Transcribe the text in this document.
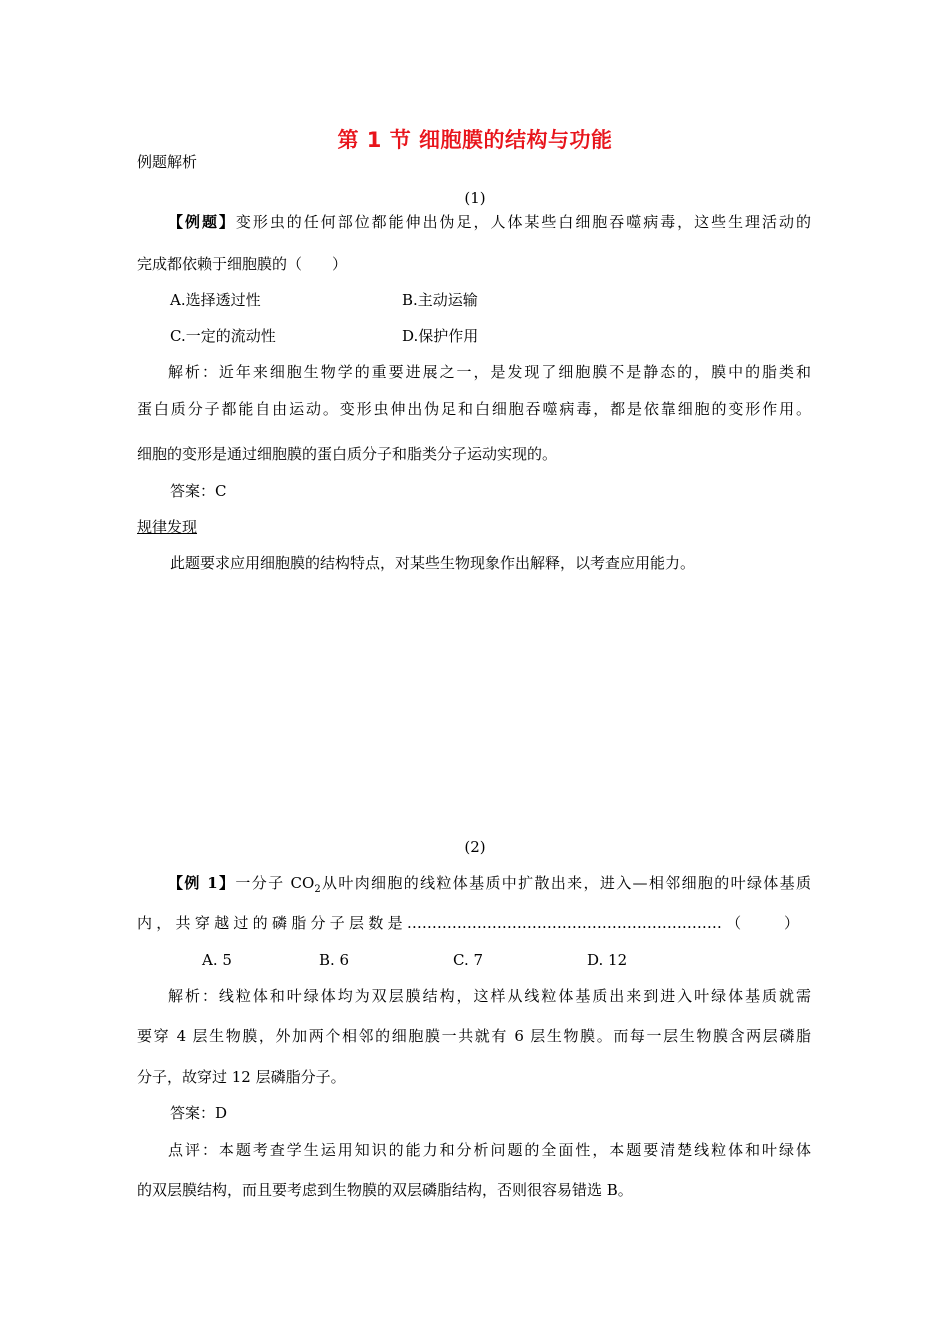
第 1 节 细胞膜的结构与功能
例题解析
(1)
【例题】变形虫的任何部位都能伸出伪足，人体某些白细胞吞噬病毒，这些生理活动的
完成都依赖于细胞膜的（　　）
A.选择透过性	B.主动运输
C.一定的流动性	D.保护作用
解析：近年来细胞生物学的重要进展之一，是发现了细胞膜不是静态的，膜中的脂类和
蛋白质分子都能自由运动。变形虫伸出伪足和白细胞吞噬病毒，都是依靠细胞的变形作用。
细胞的变形是通过细胞膜的蛋白质分子和脂类分子运动实现的。
答案：C
规律发现
此题要求应用细胞膜的结构特点，对某些生物现象作出解释，以考查应用能力。
(2)
【例 1】一分子 $CO_2$从叶肉细胞的线粒体基质中扩散出来，进入—相邻细胞的叶绿体基质
内，共穿越过的磷脂分子层数是………………………………………………………（　　）
A. 5	B. 6	C. 7	D. 12
解析：线粒体和叶绿体均为双层膜结构，这样从线粒体基质出来到进入叶绿体基质就需
要穿 4 层生物膜，外加两个相邻的细胞膜一共就有 6 层生物膜。而每一层生物膜含两层磷脂
分子，故穿过 12 层磷脂分子。
答案：D
点评：本题考查学生运用知识的能力和分析问题的全面性，本题要清楚线粒体和叶绿体
的双层膜结构，而且要考虑到生物膜的双层磷脂结构，否则很容易错选 B。
